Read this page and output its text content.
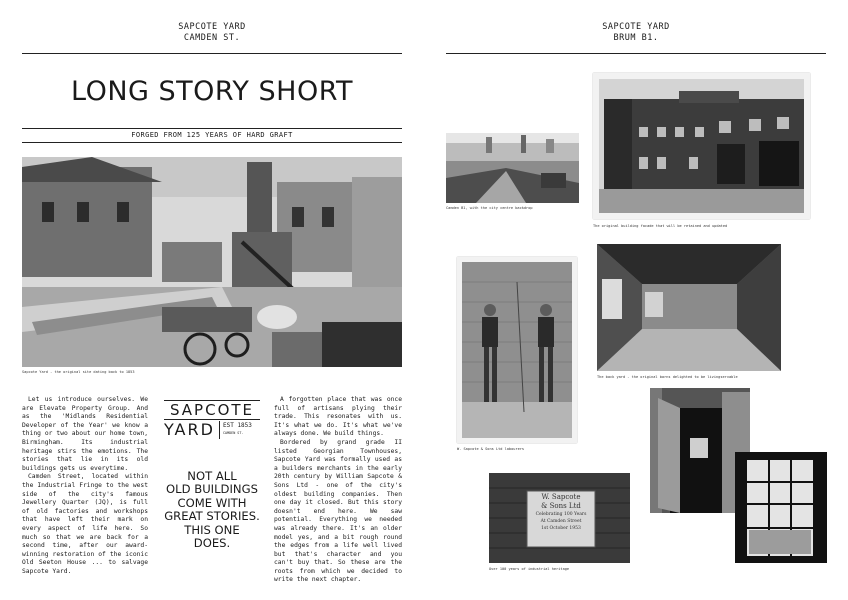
SAPCOTE YARD
CAMDEN ST.
LONG STORY SHORT
FORGED FROM 125 YEARS OF HARD GRAFT
Sapcote Yard - the original site dating back to 1853

Let us introduce ourselves. We are Elevate Property Group. And as the 'Midlands Residential Developer of the Year' we know a thing or two about our home town, Birmingham. Its industrial heritage stirs the emotions. The stories that lie in its old buildings gets us everytime.

Camden Street, located within the Industrial Fringe to the west side of the city's famous Jewellery Quarter (JQ), is full of old factories and workshops that have left their mark on every aspect of life here. So much so that we are back for a second time, after our award-winning restoration of the iconic Old Seeton House ... to salvage Sapcote Yard.

SAPCOTE
YARD EST 1853
CAMDEN ST.
NOT ALL
OLD BUILDINGS
COME WITH
GREAT STORIES.
THIS ONE
DOES.

A forgotten place that was once full of artisans plying their trade. This resonates with us. It's what we do. It's what we've always done. We build things.

Bordered by grand grade II listed Georgian Townhouses, Sapcote Yard was formally used as a builders merchants in the early 20th century by William Sapcote & Sons Ltd - one of the city's oldest building companies. Then one day it closed. But this story doesn't end here. We saw potential. Everything we needed was already there. It's an older model yes, and a bit rough round the edges from a life well lived but that's character and you can't buy that. So these are the roots from which we decided to write the next chapter.

SAPCOTE YARD
BRUM B1.
Camden B1, with the city centre backdrop
The original building facade that will be retained and updated
W. Sapcote & Sons Ltd labourers
The back yard - the original barns delighted to be livingservable
W. Sapcote
& Sons Ltd
Celebrating 100 Years
At Camden Street
1st October 1953
Over 100 years of industrial heritage
